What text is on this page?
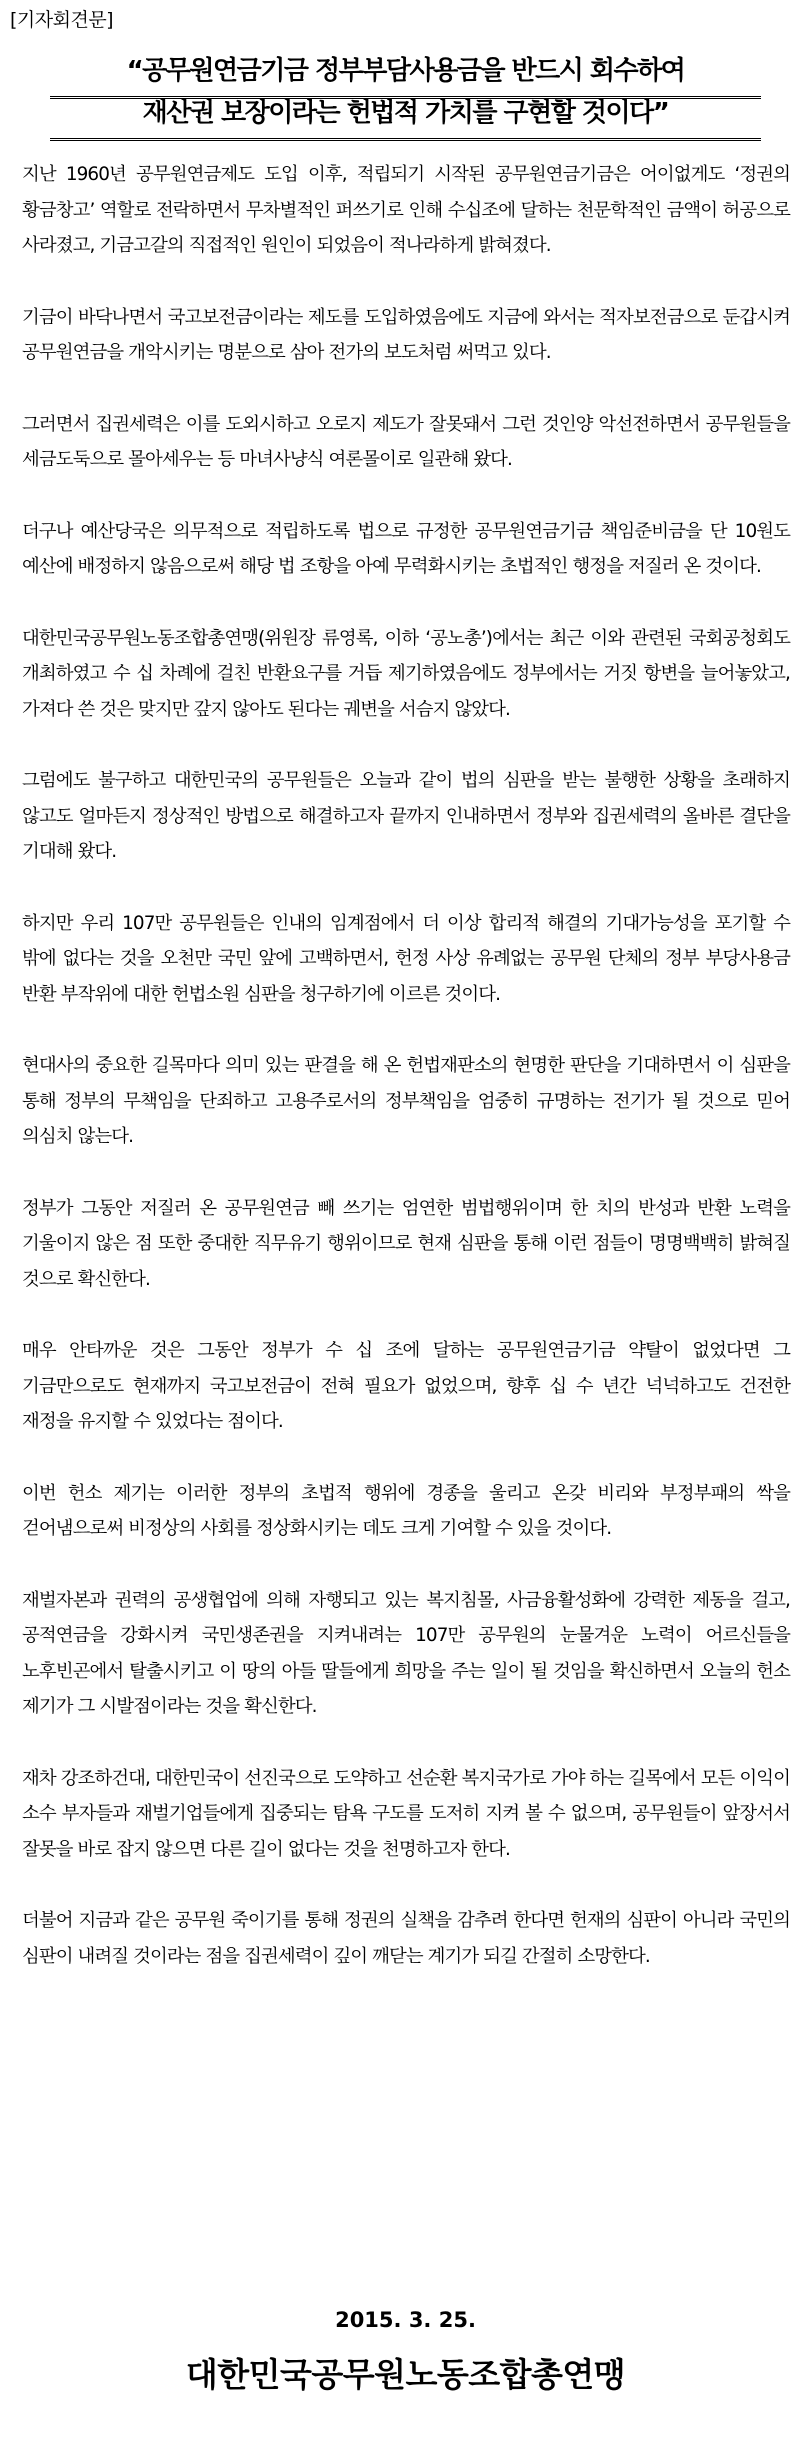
[기자회견문]
“공무원연금기금 정부부담사용금을 반드시 회수하여
재산권 보장이라는 헌법적 가치를 구현할 것이다”

지난 1960년 공무원연금제도 도입 이후, 적립되기 시작된 공무원연금기금은 어이없게도 ‘정권의 황금창고’ 역할로 전락하면서 무차별적인 퍼쓰기로 인해 수십조에 달하는 천문학적인 금액이 허공으로 사라졌고, 기금고갈의 직접적인 원인이 되었음이 적나라하게 밝혀졌다.

기금이 바닥나면서 국고보전금이라는 제도를 도입하였음에도 지금에 와서는 적자보전금으로 둔갑시켜 공무원연금을 개악시키는 명분으로 삼아 전가의 보도처럼 써먹고 있다.

그러면서 집권세력은 이를 도외시하고 오로지 제도가 잘못돼서 그런 것인양 악선전하면서 공무원들을 세금도둑으로 몰아세우는 등 마녀사냥식 여론몰이로 일관해 왔다.

더구나 예산당국은 의무적으로 적립하도록 법으로 규정한 공무원연금기금 책임준비금을 단 10원도 예산에 배정하지 않음으로써 해당 법 조항을 아예 무력화시키는 초법적인 행정을 저질러 온 것이다.

대한민국공무원노동조합총연맹(위원장 류영록, 이하 ‘공노총’)에서는 최근 이와 관련된 국회공청회도 개최하였고 수 십 차례에 걸친 반환요구를 거듭 제기하였음에도 정부에서는 거짓 항변을 늘어놓았고, 가져다 쓴 것은 맞지만 갚지 않아도 된다는 궤변을 서슴지 않았다.

그럼에도 불구하고 대한민국의 공무원들은 오늘과 같이 법의 심판을 받는 불행한 상황을 초래하지 않고도 얼마든지 정상적인 방법으로 해결하고자 끝까지 인내하면서 정부와 집권세력의 올바른 결단을 기대해 왔다.

하지만 우리 107만 공무원들은 인내의 임계점에서 더 이상 합리적 해결의 기대가능성을 포기할 수 밖에 없다는 것을 오천만 국민 앞에 고백하면서, 헌정 사상 유례없는 공무원 단체의 정부 부당사용금 반환 부작위에 대한 헌법소원 심판을 청구하기에 이르른 것이다.

현대사의 중요한 길목마다 의미 있는 판결을 해 온 헌법재판소의 현명한 판단을 기대하면서 이 심판을 통해 정부의 무책임을 단죄하고 고용주로서의 정부책임을 엄중히 규명하는 전기가 될 것으로 믿어 의심치 않는다.

정부가 그동안 저질러 온 공무원연금 빼 쓰기는 엄연한 범법행위이며 한 치의 반성과 반환 노력을 기울이지 않은 점 또한 중대한 직무유기 행위이므로 현재 심판을 통해 이런 점들이 명명백백히 밝혀질 것으로 확신한다.

매우 안타까운 것은 그동안 정부가 수 십 조에 달하는 공무원연금기금 약탈이 없었다면 그 기금만으로도 현재까지 국고보전금이 전혀 필요가 없었으며, 향후 십 수 년간 넉넉하고도 건전한 재정을 유지할 수 있었다는 점이다.

이번 헌소 제기는 이러한 정부의 초법적 행위에 경종을 울리고 온갖 비리와 부정부패의 싹을 걷어냄으로써 비정상의 사회를 정상화시키는 데도 크게 기여할 수 있을 것이다.

재벌자본과 권력의 공생협업에 의해 자행되고 있는 복지침몰, 사금융활성화에 강력한 제동을 걸고, 공적연금을 강화시켜 국민생존권을 지켜내려는 107만 공무원의 눈물겨운 노력이 어르신들을 노후빈곤에서 탈출시키고 이 땅의 아들 딸들에게 희망을 주는 일이 될 것임을 확신하면서 오늘의 헌소 제기가 그 시발점이라는 것을 확신한다.

재차 강조하건대, 대한민국이 선진국으로 도약하고 선순환 복지국가로 가야 하는 길목에서 모든 이익이 소수 부자들과 재벌기업들에게 집중되는 탐욕 구도를 도저히 지켜 볼 수 없으며, 공무원들이 앞장서서 잘못을 바로 잡지 않으면 다른 길이 없다는 것을 천명하고자 한다.

더불어 지금과 같은 공무원 죽이기를 통해 정권의 실책을 감추려 한다면 헌재의 심판이 아니라 국민의 심판이 내려질 것이라는 점을 집권세력이 깊이 깨닫는 계기가 되길 간절히 소망한다.

2015. 3. 25.
대한민국공무원노동조합총연맹
